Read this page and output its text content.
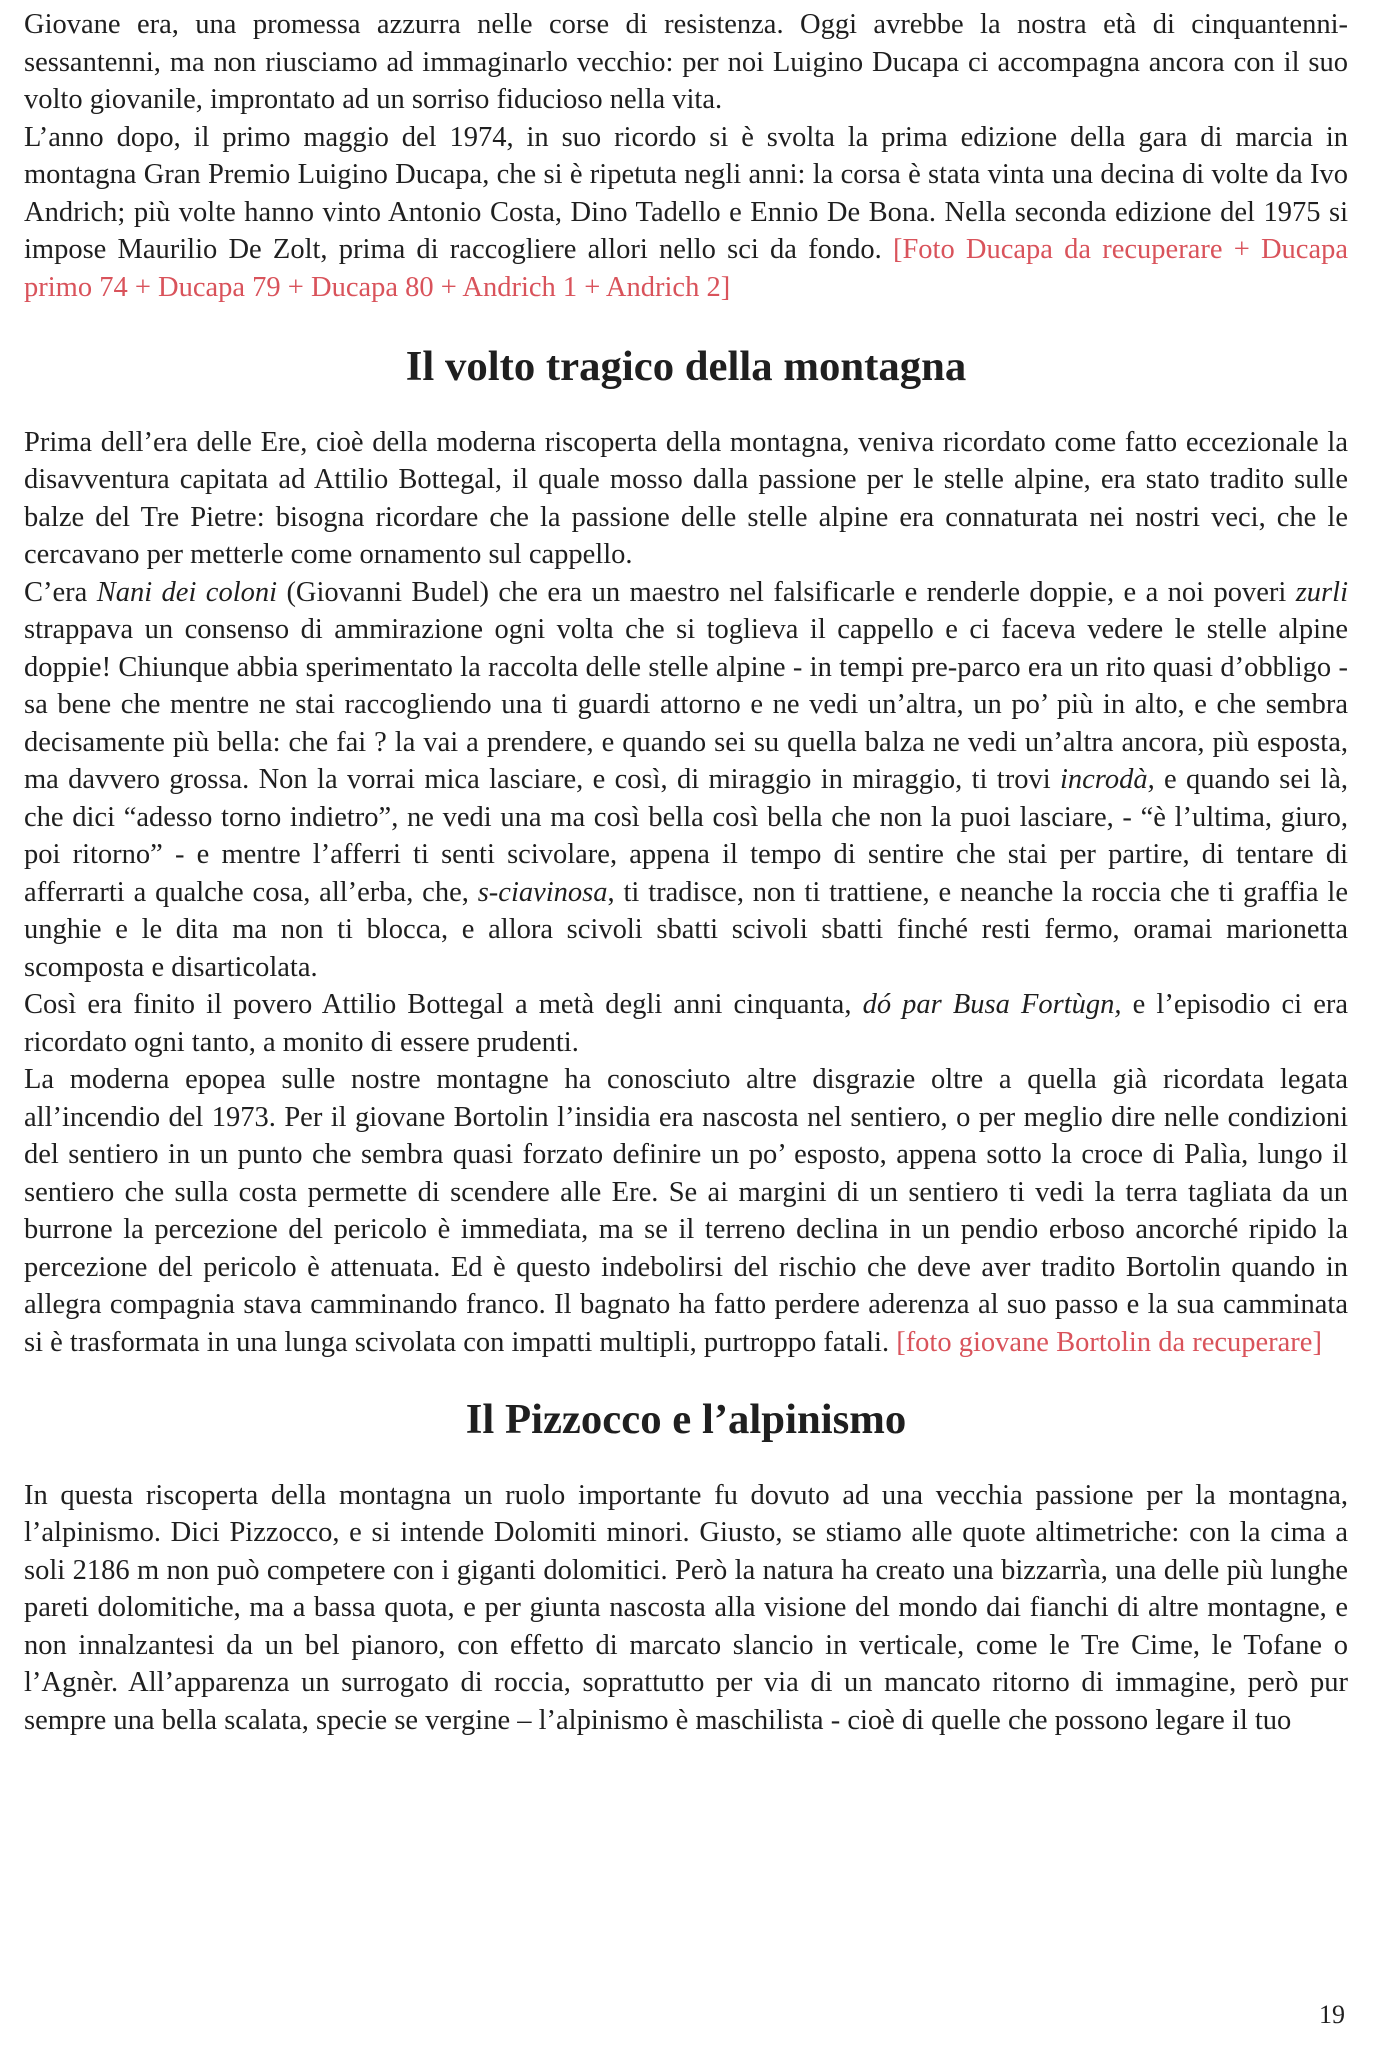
Giovane era, una promessa azzurra nelle corse di resistenza. Oggi avrebbe la nostra età di cinquantenni- sessantenni, ma non riusciamo ad immaginarlo vecchio: per noi Luigino Ducapa ci accompagna ancora con il suo volto giovanile, improntato ad un sorriso fiducioso nella vita.

L’anno dopo, il primo maggio del 1974, in suo ricordo si è svolta la prima edizione della gara di marcia in montagna Gran Premio Luigino Ducapa, che si è ripetuta negli anni: la corsa è stata vinta una decina di volte da Ivo Andrich; più volte hanno vinto Antonio Costa, Dino Tadello e Ennio De Bona. Nella seconda edizione del 1975 si impose Maurilio De Zolt, prima di raccogliere allori nello sci da fondo. [Foto Ducapa da recuperare + Ducapa primo 74 + Ducapa 79 + Ducapa 80 + Andrich 1 + Andrich 2]

Il volto tragico della montagna

Prima dell’era delle Ere, cioè della moderna riscoperta della montagna, veniva ricordato come fatto eccezionale la disavventura capitata ad Attilio Bottegal, il quale mosso dalla passione per le stelle alpine, era stato tradito sulle balze del Tre Pietre: bisogna ricordare che la passione delle stelle alpine era connaturata nei nostri veci, che le cercavano per metterle come ornamento sul cappello.

C’era Nani dei coloni (Giovanni Budel) che era un maestro nel falsificarle e renderle doppie, e a noi poveri zurli strappava un consenso di ammirazione ogni volta che si toglieva il cappello e ci faceva vedere le stelle alpine doppie! Chiunque abbia sperimentato la raccolta delle stelle alpine - in tempi pre-parco era un rito quasi d’obbligo - sa bene che mentre ne stai raccogliendo una ti guardi attorno e ne vedi un’altra, un po’ più in alto, e che sembra decisamente più bella: che fai ? la vai a prendere, e quando sei su quella balza ne vedi un’altra ancora, più esposta, ma davvero grossa. Non la vorrai mica lasciare, e così, di miraggio in miraggio, ti trovi incrodà, e quando sei là, che dici “adesso torno indietro”, ne vedi una ma così bella così bella che non la puoi lasciare, - “è l’ultima, giuro, poi ritorno” - e mentre l’afferri ti senti scivolare, appena il tempo di sentire che stai per partire, di tentare di afferrarti a qualche cosa, all’erba, che, s-ciavinosa, ti tradisce, non ti trattiene, e neanche la roccia che ti graffia le unghie e le dita ma non ti blocca, e allora scivoli sbatti scivoli sbatti finché resti fermo, oramai marionetta scomposta e disarticolata.

Così era finito il povero Attilio Bottegal a metà degli anni cinquanta, dó par Busa Fortùgn, e l’episodio ci era ricordato ogni tanto, a monito di essere prudenti.

La moderna epopea sulle nostre montagne ha conosciuto altre disgrazie oltre a quella già ricordata legata all’incendio del 1973. Per il giovane Bortolin l’insidia era nascosta nel sentiero, o per meglio dire nelle condizioni del sentiero in un punto che sembra quasi forzato definire un po’ esposto, appena sotto la croce di Palìa, lungo il sentiero che sulla costa permette di scendere alle Ere. Se ai margini di un sentiero ti vedi la terra tagliata da un burrone la percezione del pericolo è immediata, ma se il terreno declina in un pendio erboso ancorché ripido la percezione del pericolo è attenuata. Ed è questo indebolirsi del rischio che deve aver tradito Bortolin quando in allegra compagnia stava camminando franco. Il bagnato ha fatto perdere aderenza al suo passo e la sua camminata si è trasformata in una lunga scivolata con impatti multipli, purtroppo fatali. [foto giovane Bortolin da recuperare]

Il Pizzocco e l’alpinismo

In questa riscoperta della montagna un ruolo importante fu dovuto ad una vecchia passione per la montagna, l’alpinismo. Dici Pizzocco, e si intende Dolomiti minori. Giusto, se stiamo alle quote altimetriche: con la cima a soli 2186 m non può competere con i giganti dolomitici. Però la natura ha creato una bizzarrìa, una delle più lunghe pareti dolomitiche, ma a bassa quota, e per giunta nascosta alla visione del mondo dai fianchi di altre montagne, e non innalzantesi da un bel pianoro, con effetto di marcato slancio in verticale, come le Tre Cime, le Tofane o l’Agnèr. All’apparenza un surrogato di roccia, soprattutto per via di un mancato ritorno di immagine, però pur sempre una bella scalata, specie se vergine – l’alpinismo è maschilista - cioè di quelle che possono legare il tuo

19
